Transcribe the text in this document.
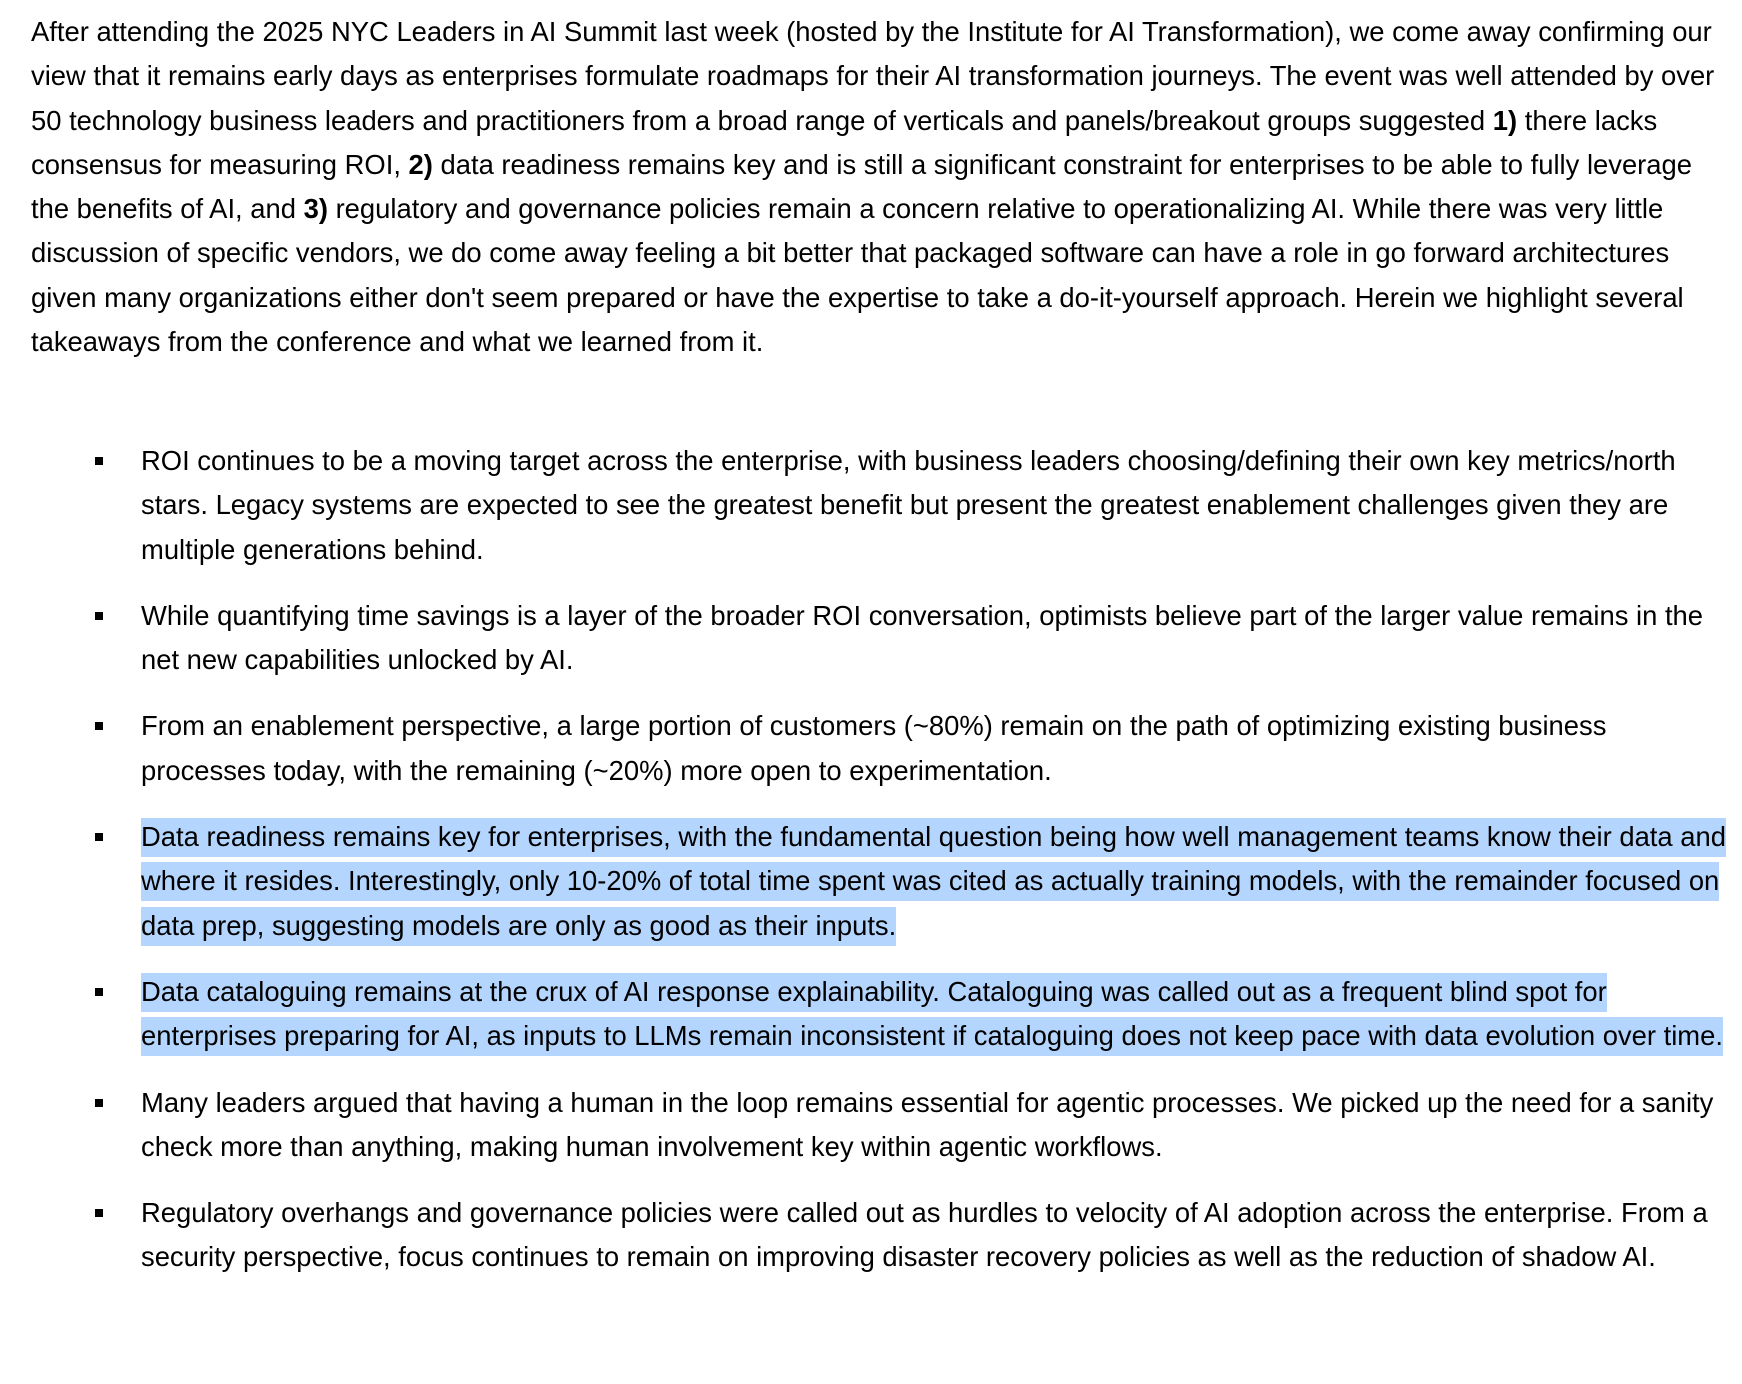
After attending the 2025 NYC Leaders in AI Summit last week (hosted by the Institute for AI Transformation), we come away confirming our view that it remains early days as enterprises formulate roadmaps for their AI transformation journeys. The event was well attended by over 50 technology business leaders and practitioners from a broad range of verticals and panels/breakout groups suggested 1) there lacks consensus for measuring ROI, 2) data readiness remains key and is still a significant constraint for enterprises to be able to fully leverage the benefits of AI, and 3) regulatory and governance policies remain a concern relative to operationalizing AI. While there was very little discussion of specific vendors, we do come away feeling a bit better that packaged software can have a role in go forward architectures given many organizations either don't seem prepared or have the expertise to take a do-it-yourself approach. Herein we highlight several takeaways from the conference and what we learned from it.

ROI continues to be a moving target across the enterprise, with business leaders choosing/defining their own key metrics/north stars. Legacy systems are expected to see the greatest benefit but present the greatest enablement challenges given they are multiple generations behind.
While quantifying time savings is a layer of the broader ROI conversation, optimists believe part of the larger value remains in the net new capabilities unlocked by AI.
From an enablement perspective, a large portion of customers (~80%) remain on the path of optimizing existing business processes today, with the remaining (~20%) more open to experimentation.
Data readiness remains key for enterprises, with the fundamental question being how well management teams know their data and where it resides. Interestingly, only 10-20% of total time spent was cited as actually training models, with the remainder focused on data prep, suggesting models are only as good as their inputs.
Data cataloguing remains at the crux of AI response explainability. Cataloguing was called out as a frequent blind spot for enterprises preparing for AI, as inputs to LLMs remain inconsistent if cataloguing does not keep pace with data evolution over time.
Many leaders argued that having a human in the loop remains essential for agentic processes. We picked up the need for a sanity check more than anything, making human involvement key within agentic workflows.
Regulatory overhangs and governance policies were called out as hurdles to velocity of AI adoption across the enterprise. From a security perspective, focus continues to remain on improving disaster recovery policies as well as the reduction of shadow AI.
